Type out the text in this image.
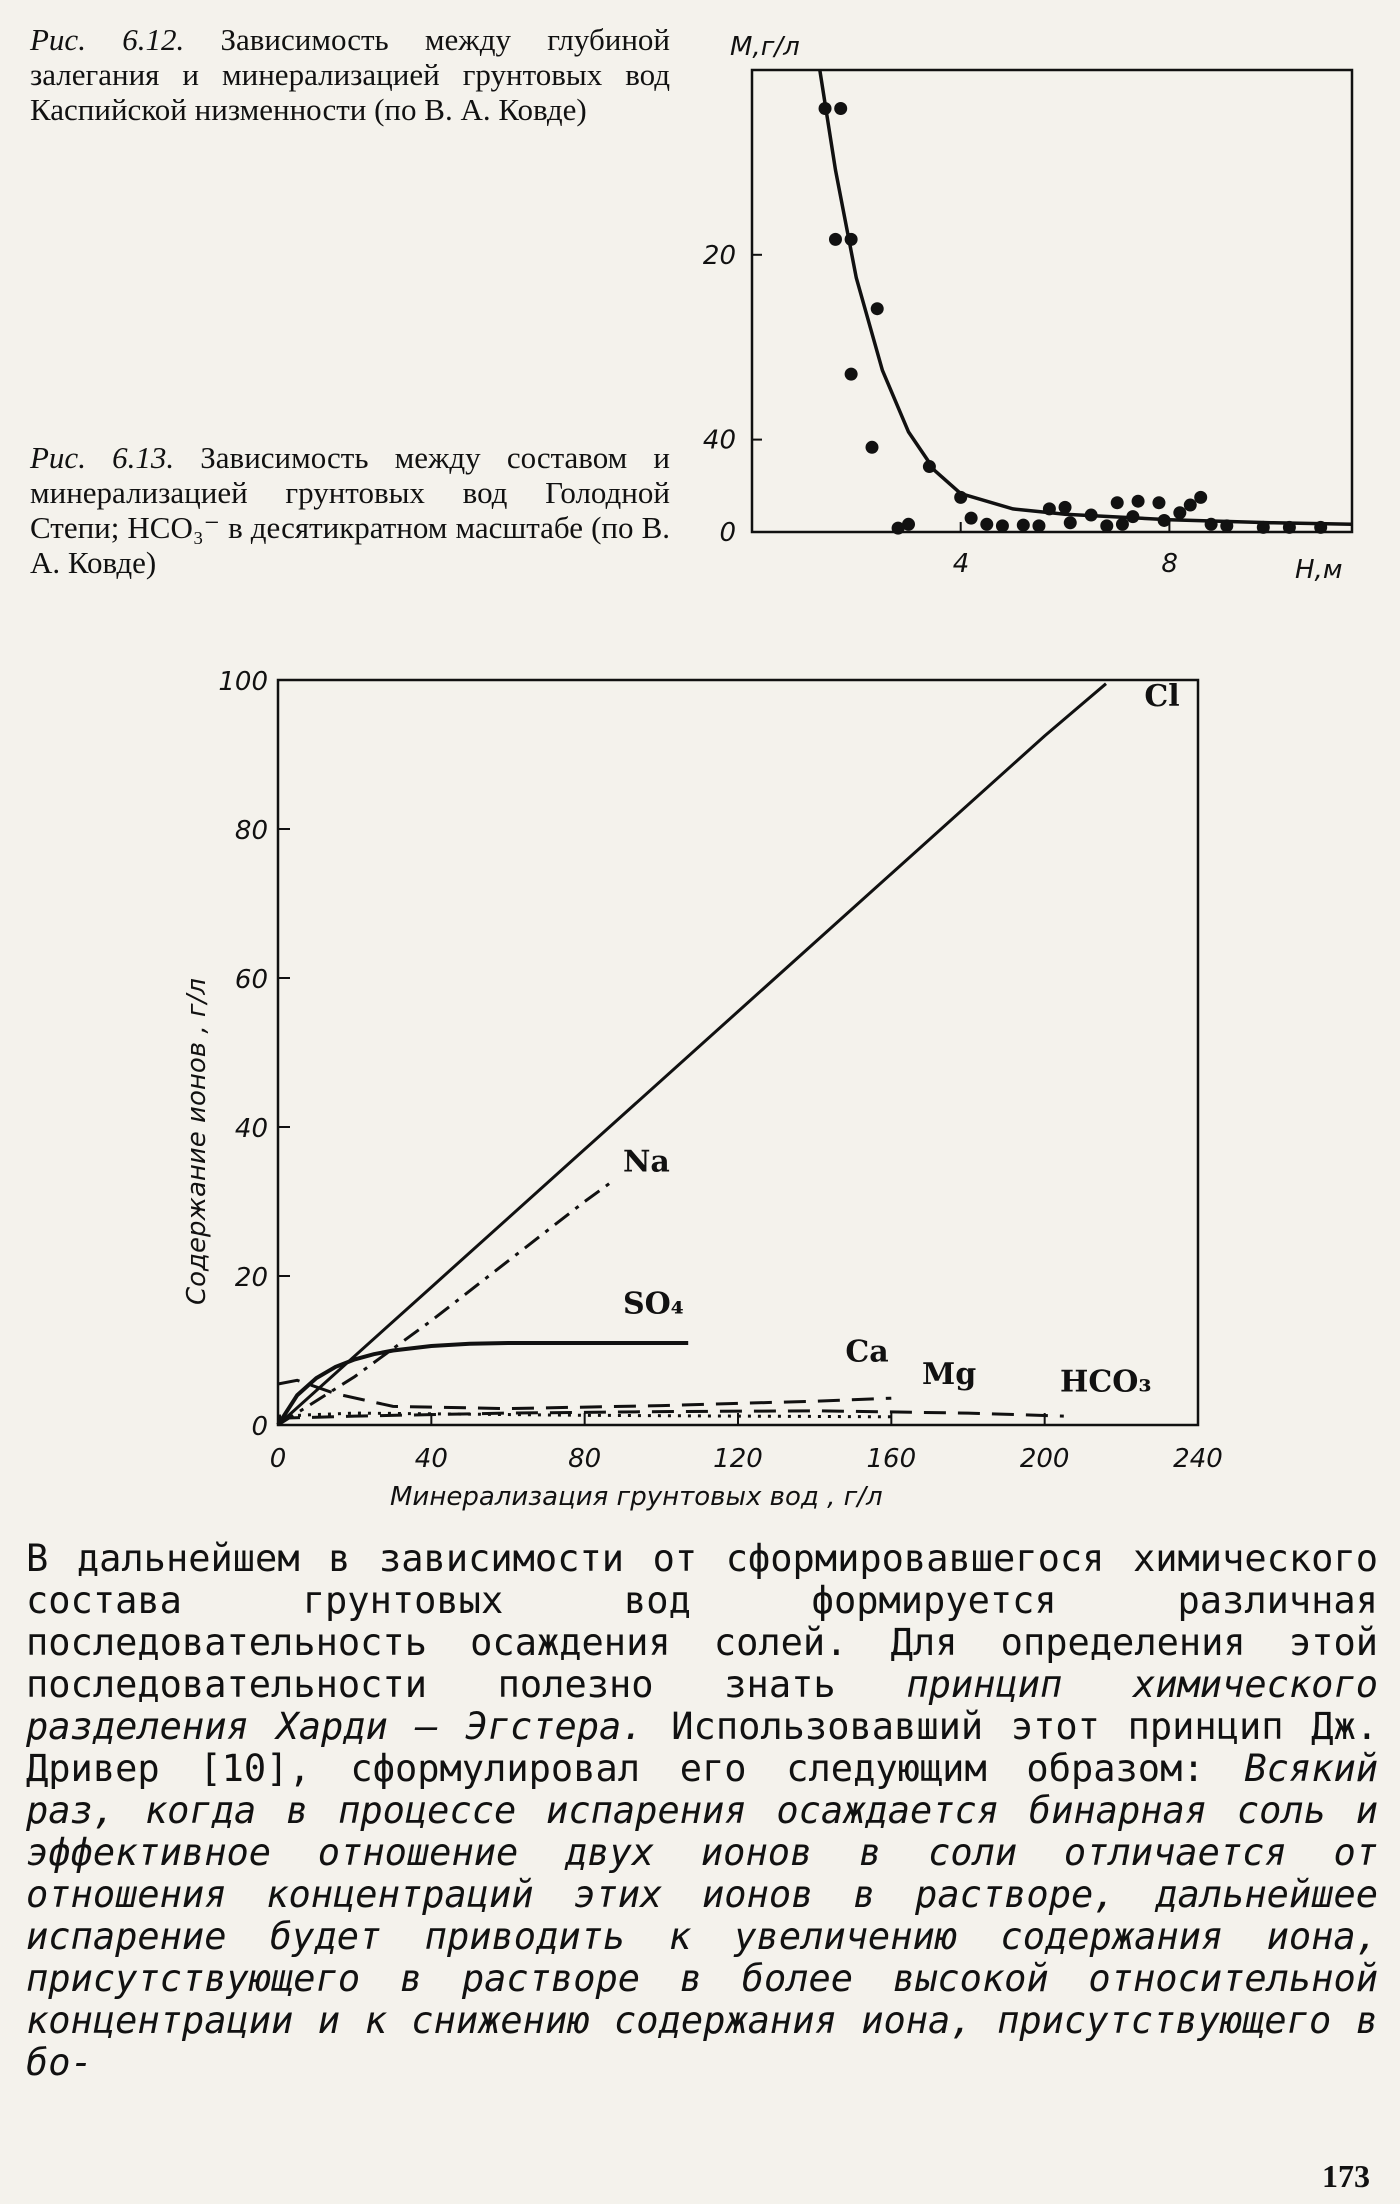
Рис. 6.12. Зависимость между глубиной залегания и минерализацией грунтовых вод Каспийской низменности (по В. А. Ковде)
Рис. 6.13. Зависимость между составом и минерализацией грунтовых вод Голодной Степи; HCO₃⁻ в десятикратном масштабе (по В. А. Ковде)	4	8
0
40
20
М,г/л
Н,м
0	40	80	120	160	200	240
0
20
40
60
80
100	Cl
Na
SO₄
Ca
Mg	HCO₃
Минерализация грунтовых вод , г/л
Содержание ионов , г/л

В дальнейшем в зависимости от сформировавшегося химического состава грунтовых вод формируется различная последовательность осаждения солей. Для определения этой последовательности полезно знать принцип химического разделения Харди — Эгстера. Использовавший этот принцип Дж. Дривер [10], сформулировал его следующим образом: Всякий раз, когда в процессе испарения осаждается бинарная соль и эффективное отношение двух ионов в соли отличается от отношения концентраций этих ионов в растворе, дальнейшее испарение будет приводить к увеличению содержания иона, присутствующего в растворе в более высокой относительной концентрации и к снижению содержания иона, присутствующего в бо-

173
